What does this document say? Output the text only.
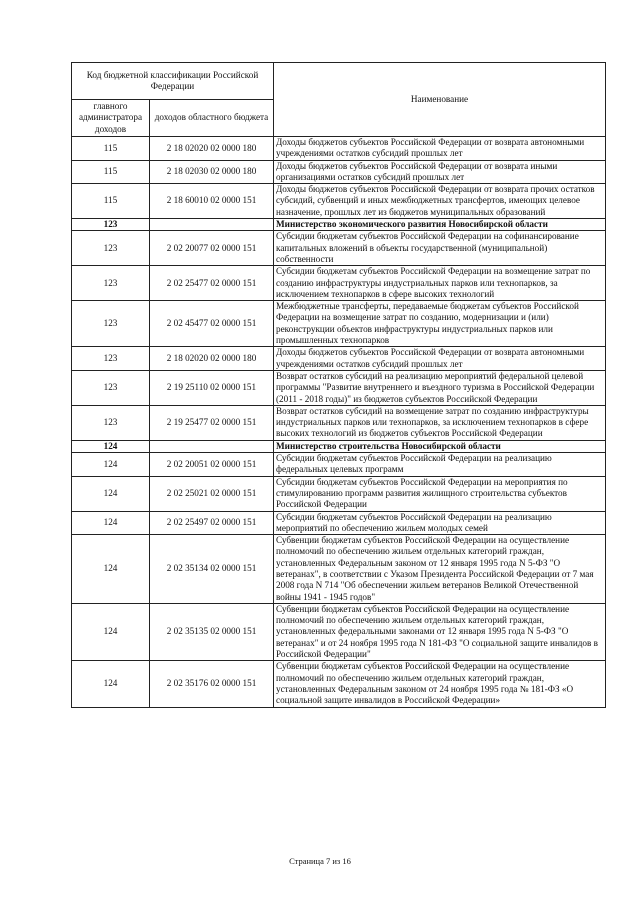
Код бюджетной классификации Российской Федерации		Наименование
главного администратора доходов	доходов областного бюджета	
115	2 18 02020 02 0000 180	Доходы бюджетов субъектов Российской Федерации от возврата автономными учреждениями остатков субсидий прошлых лет
115	2 18 02030 02 0000 180	Доходы бюджетов субъектов Российской Федерации от возврата иными организациями остатков субсидий прошлых лет
115	2 18 60010 02 0000 151	Доходы бюджетов субъектов Российской Федерации от возврата прочих остатков субсидий, субвенций и иных межбюджетных трансфертов, имеющих целевое назначение, прошлых лет из бюджетов муниципальных образований
123		Министерство экономического развития Новосибирской области
123	2 02 20077 02 0000 151	Субсидии бюджетам субъектов Российской Федерации на софинансирование капитальных вложений в объекты государственной (муниципальной) собственности
123	2 02 25477 02 0000 151	Субсидии бюджетам субъектов Российской Федерации на возмещение затрат по созданию инфраструктуры индустриальных парков или технопарков, за исключением технопарков в сфере высоких технологий
123	2 02 45477 02 0000 151	Межбюджетные трансферты, передаваемые бюджетам субъектов Российской Федерации на возмещение затрат по созданию, модернизации и (или) реконструкции объектов инфраструктуры индустриальных парков или промышленных технопарков
123	2 18 02020 02 0000 180	Доходы бюджетов субъектов Российской Федерации от возврата автономными учреждениями остатков субсидий прошлых лет
123	2 19 25110 02 0000 151	Возврат остатков субсидий на реализацию мероприятий федеральной целевой программы "Развитие внутреннего и въездного туризма в Российской Федерации (2011 - 2018 годы)" из бюджетов субъектов Российской Федерации
123	2 19 25477 02 0000 151	Возврат остатков субсидий на возмещение затрат по созданию инфраструктуры индустриальных парков или технопарков, за исключением технопарков в сфере высоких технологий из бюджетов субъектов Российской Федерации
124		Министерство строительства Новосибирской области
124	2 02 20051 02 0000 151	Субсидии бюджетам субъектов Российской Федерации на реализацию федеральных целевых программ
124	2 02 25021 02 0000 151	Субсидии бюджетам субъектов Российской Федерации на мероприятия по стимулированию программ развития жилищного строительства субъектов Российской Федерации
124	2 02 25497 02 0000 151	Субсидии бюджетам субъектов Российской Федерации на реализацию мероприятий по обеспечению жильем молодых семей
124	2 02 35134 02 0000 151	Субвенции бюджетам субъектов Российской Федерации на осуществление полномочий по обеспечению жильем отдельных категорий граждан, установленных Федеральным законом от 12 января 1995 года N 5-ФЗ "О ветеранах", в соответствии с Указом Президента Российской Федерации от 7 мая 2008 года N 714 "Об обеспечении жильем ветеранов Великой Отечественной войны 1941 - 1945 годов"
124	2 02 35135 02 0000 151	Субвенции бюджетам субъектов Российской Федерации на осуществление полномочий по обеспечению жильем отдельных категорий граждан, установленных федеральными законами от 12 января 1995 года N 5-ФЗ "О ветеранах" и от 24 ноября 1995 года N 181-ФЗ "О социальной защите инвалидов в Российской Федерации"
124	2 02 35176 02 0000 151	Субвенции бюджетам субъектов Российской Федерации на осуществление полномочий по обеспечению жильем отдельных категорий граждан, установленных Федеральным законом от 24 ноября 1995 года № 181-ФЗ «О социальной защите инвалидов в Российской Федерации»
Страница 7 из 16
